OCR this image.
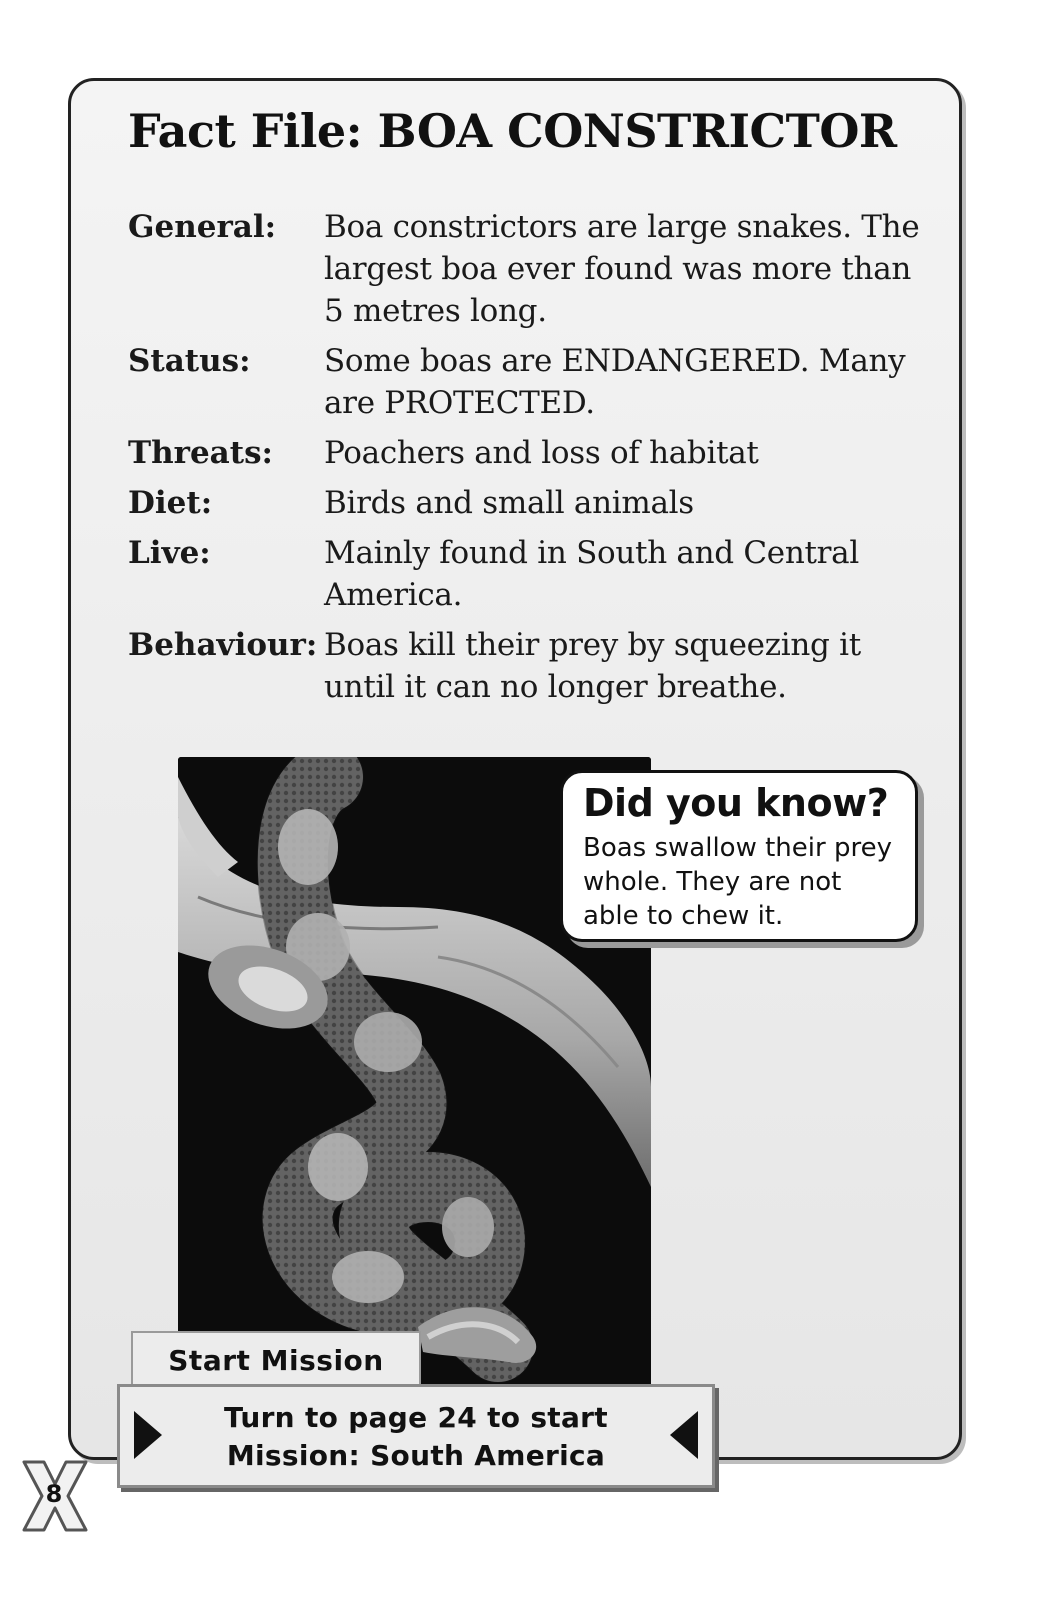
Fact File: BOA CONSTRICTOR
General:	Boa constrictors are large snakes. The largest boa ever found was more than 5 metres long.
Status:	Some boas are ENDANGERED. Many are PROTECTED.
Threats:	Poachers and loss of habitat
Diet:	Birds and small animals
Live:	Mainly found in South and Central America.
Behaviour: Boas kill their prey by squeezing it until it can no longer breathe.
Did you know?
Boas swallow their prey whole. They are not able to chew it.
Start Mission
Turn to page 24 to start Mission: South America
8
